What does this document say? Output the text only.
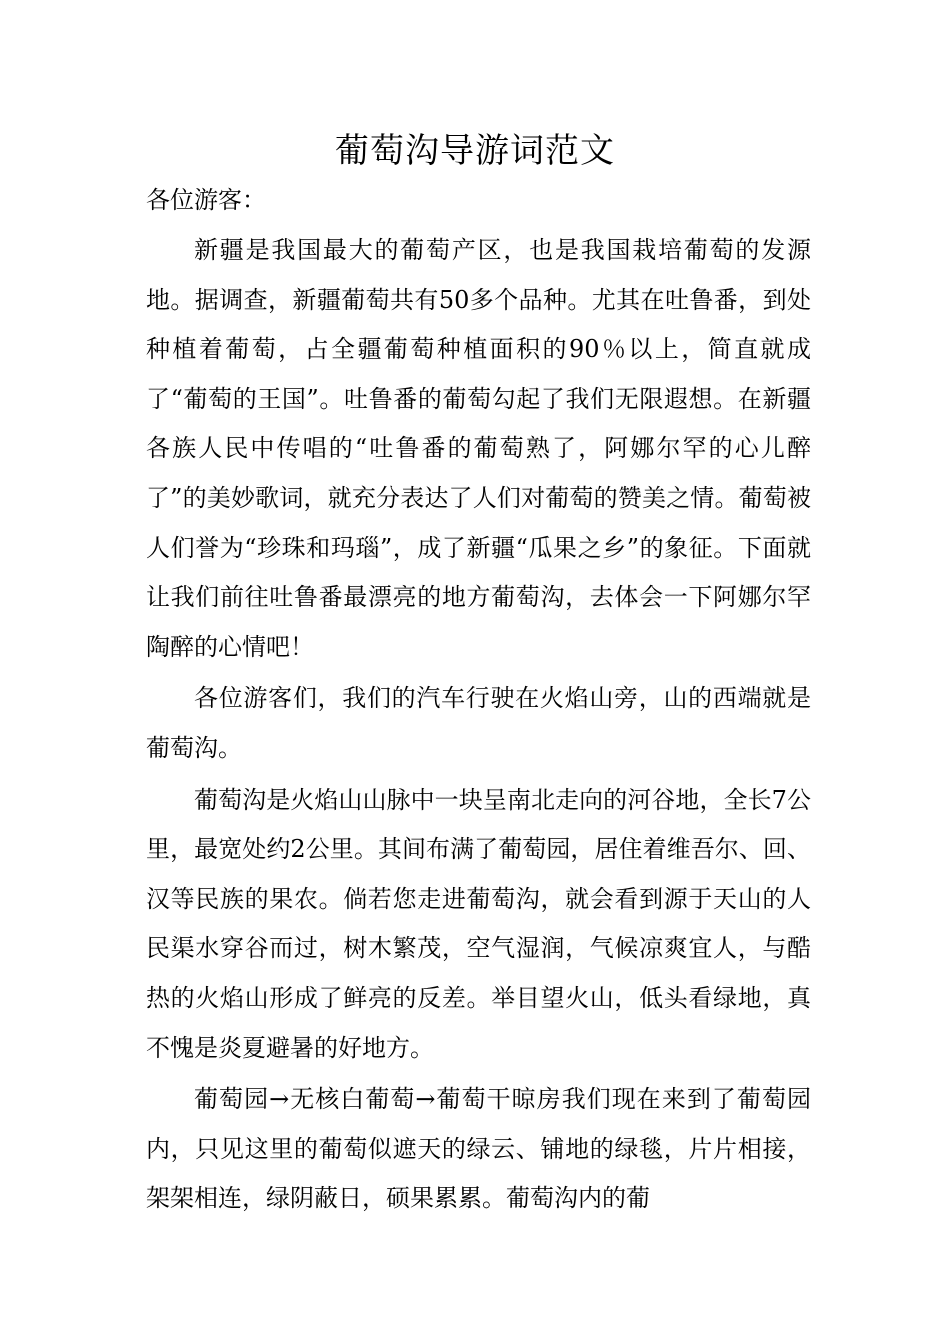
葡萄沟导游词范文

各位游客：

新疆是我国最大的葡萄产区，也是我国栽培葡萄的发源地。据调查，新疆葡萄共有50多个品种。尤其在吐鲁番，到处种植着葡萄，占全疆葡萄种植面积的90％以上，简直就成了“葡萄的王国”。吐鲁番的葡萄勾起了我们无限遐想。在新疆各族人民中传唱的“吐鲁番的葡萄熟了，阿娜尔罕的心儿醉了”的美妙歌词，就充分表达了人们对葡萄的赞美之情。葡萄被人们誉为“珍珠和玛瑙”，成了新疆“瓜果之乡”的象征。下面就让我们前往吐鲁番最漂亮的地方葡萄沟，去体会一下阿娜尔罕陶醉的心情吧！

各位游客们，我们的汽车行驶在火焰山旁，山的西端就是葡萄沟。

葡萄沟是火焰山山脉中一块呈南北走向的河谷地，全长7公里，最宽处约2公里。其间布满了葡萄园，居住着维吾尔、回、汉等民族的果农。倘若您走进葡萄沟，就会看到源于天山的人民渠水穿谷而过，树木繁茂，空气湿润，气候凉爽宜人，与酷热的火焰山形成了鲜亮的反差。举目望火山，低头看绿地，真不愧是炎夏避暑的好地方。

葡萄园→无核白葡萄→葡萄干晾房我们现在来到了葡萄园内，只见这里的葡萄似遮天的绿云、铺地的绿毯，片片相接，架架相连，绿阴蔽日，硕果累累。葡萄沟内的葡
